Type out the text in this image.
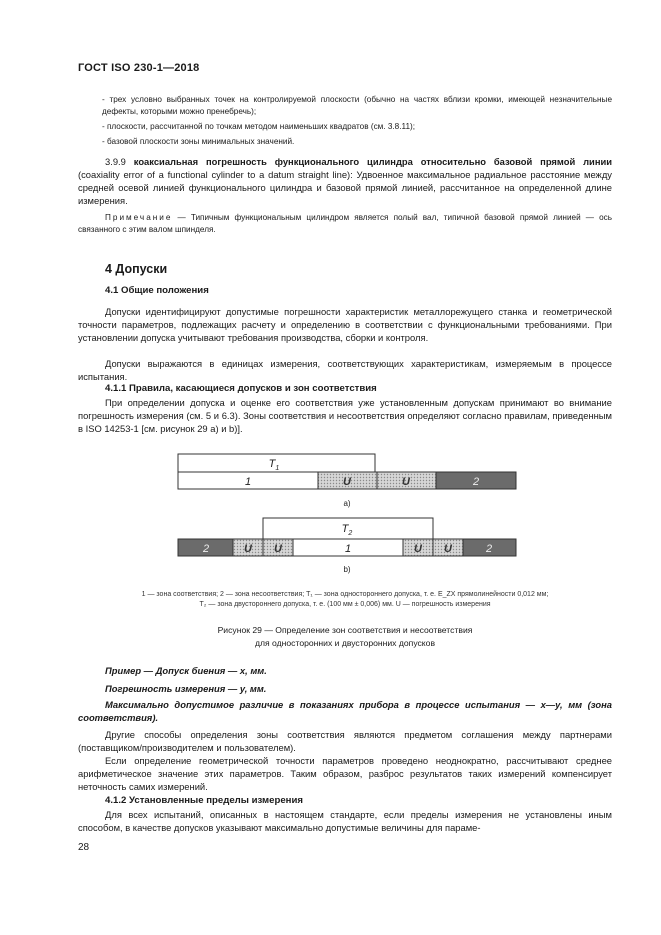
ГОСТ ISO 230-1—2018
- трех условно выбранных точек на контролируемой плоскости (обычно на частях вблизи кромки, имеющей незначительные дефекты, которыми можно пренебречь);
- плоскости, рассчитанной по точкам методом наименьших квадратов (см. 3.8.11);
- базовой плоскости зоны минимальных значений.
3.9.9 коаксиальная погрешность функционального цилиндра относительно базовой прямой линии (coaxiality error of a functional cylinder to a datum straight line): Удвоенное максимальное радиальное расстояние между средней осевой линией функционального цилиндра и базовой прямой линией, рассчитанное на определенной длине измерения.
Примечание — Типичным функциональным цилиндром является полый вал, типичной базовой прямой линией — ось связанного с этим валом шпинделя.
4 Допуски
4.1 Общие положения
Допуски идентифицируют допустимые погрешности характеристик металлорежущего станка и геометрической точности параметров, подлежащих расчету и определению в соответствии с функциональными требованиями. При установлении допуска учитывают требования производства, сборки и контроля.
Допуски выражаются в единицах измерения, соответствующих характеристикам, измеряемым в процессе испытания.
4.1.1 Правила, касающиеся допусков и зон соответствия
При определении допуска и оценке его соответствия уже установленным допускам принимают во внимание погрешность измерения (см. 5 и 6.3). Зоны соответствия и несоответствия определяют согласно правилам, приведенным в ISO 14253-1 [см. рисунок 29 а) и b)].
$T_1$
1	U	U	2
а)
$T_2$
2	U U	1	U U	2
b)
1 — зона соответствия; 2 — зона несоответствия; T₁ — зона одностороннего допуска, т. е. E_ZX прямолинейности 0,012 мм;
T₂ — зона двустороннего допуска, т. е. (100 мм ± 0,006) мм. U — погрешность измерения
Рисунок 29 — Определение зон соответствия и несоответствия
для односторонних и двусторонних допусков
Пример — Допуск биения — x, мм.
Погрешность измерения — y, мм.
Максимально допустимое различие в показаниях прибора в процессе испытания — x—y, мм (зона соответствия).
Другие способы определения зоны соответствия являются предметом соглашения между партнерами (поставщиком/производителем и пользователем).
Если определение геометрической точности параметров проведено неоднократно, рассчитывают среднее арифметическое значение этих параметров. Таким образом, разброс результатов таких измерений компенсирует неточность самих измерений.
4.1.2 Установленные пределы измерения
Для всех испытаний, описанных в настоящем стандарте, если пределы измерения не установлены иным способом, в качестве допусков указывают максимально допустимые величины для параме-
28
